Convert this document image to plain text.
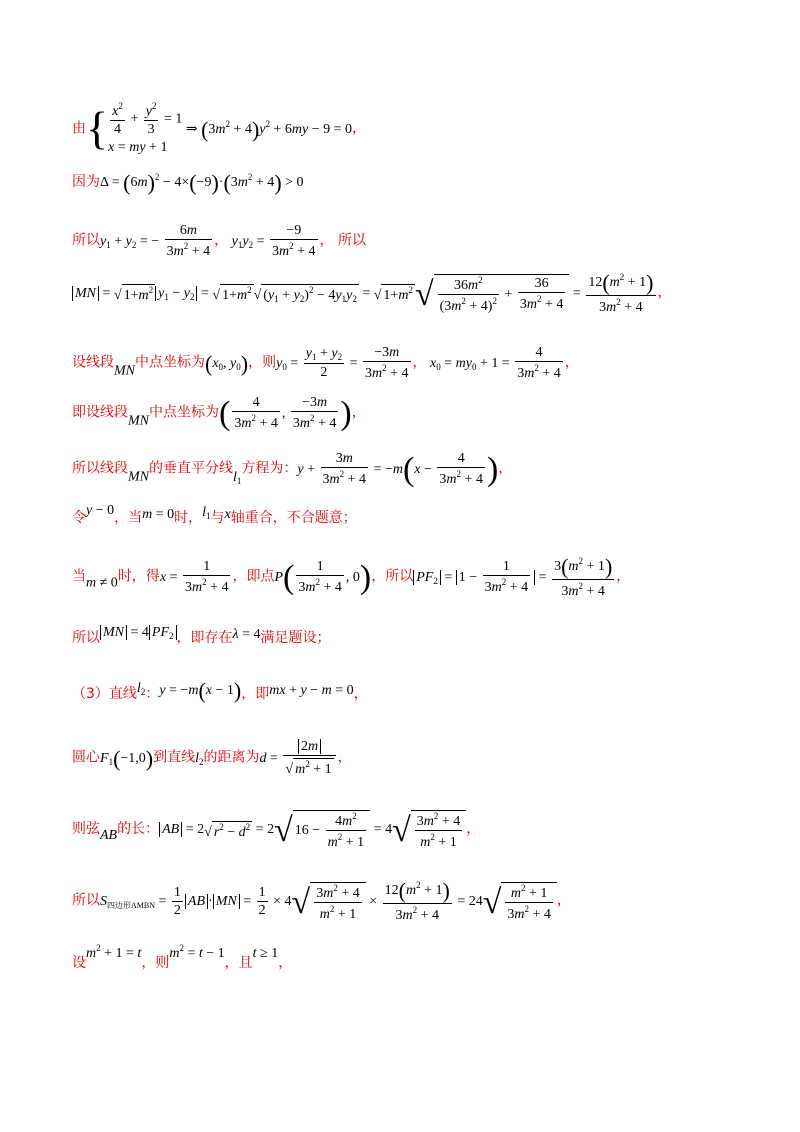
由{ $\frac{x^2}{4} + \frac{y^2}{3} = 1$
x = my + 1
⇒ $(3m^2 + 4)y^2 + 6my - 9 = 0$，
因为$\Delta = (6m)^2 - 4\times(-9)\cdot(3m^2 + 4) > 0$
所以$y_1 + y_2$ = − $\frac{6m}{3m^2 + 4}$ ， $y_1y_2 = \frac{-9}{3m^2 + 4}$ ， 所以
MN = √ $1+m^2$ $y_1 - y_2$ = √ $1+m^2$ √ $(y_1 + y_2)^2 - 4y_1y_2$ = √ $1+m^2√ \frac{36m^2}{(3m^2 + 4)^2} + \frac{36}{3m^2 + 4} = \frac{12(m^2 + 1)}{3m^2 + 4}$ ，
设线段MN中点坐标为($x_0$, $y_0$)，则$y_0 = \frac{y_1 + y_2}{2} = \frac{-3m}{3m^2 + 4}$ ， $x_0 = my_0 + 1 = \frac{4}{3m^2 + 4}$ ，
即设线段MN中点坐标为( $\frac{4}{3m^2 + 4}$ , $\frac{-3m}{3m^2 + 4}$ )，
所以线段MN的垂直平分线$l_1$方程为：$y + \frac{3m}{3m^2 + 4} = -m(x - \frac{4}{3m^2 + 4}$ )，
令y − 0，当m = 0时，$l_1$与x轴重合，不合题意；
当m ≠ 0时，得$x = \frac{1}{3m^2 + 4}$ ，即点$P( \frac{1}{3m^2 + 4}$ , 0)，所以 $PF_2 = 1 - \frac{1}{3m^2 + 4} = \frac{3(m^2 + 1)}{3m^2 + 4}$ ，
所以 MN = 4 $PF_2$ ，即存在λ = 4满足题设；
（3）直线$l_2$：y = −m(x − 1)，即mx + y − m = 0，
圆心$F_1(-1,0)$到直线$l_2$的距离为$d = \frac{2m}{√ m^2 + 1}$ ，
则弦AB的长： AB = 2√ $r^2 - d^2 = 2√$ $16 - \frac{4m^2}{m^2 + 1} = 4√ \frac{3m^2 + 4}{m^2 + 1}$ ，
所以$S_{四边形AMBN} = \frac{1}{2}$ AB · MN = $\frac{1}{2} \times 4√ \frac{3m^2 + 4}{m^2 + 1} \times \frac{12(m^2 + 1)}{3m^2 + 4} = 24√ \frac{m^2 + 1}{3m^2 + 4}$ ，
设$m^2 + 1 = t$，则$m^2 = t - 1$，且t ≥ 1，
